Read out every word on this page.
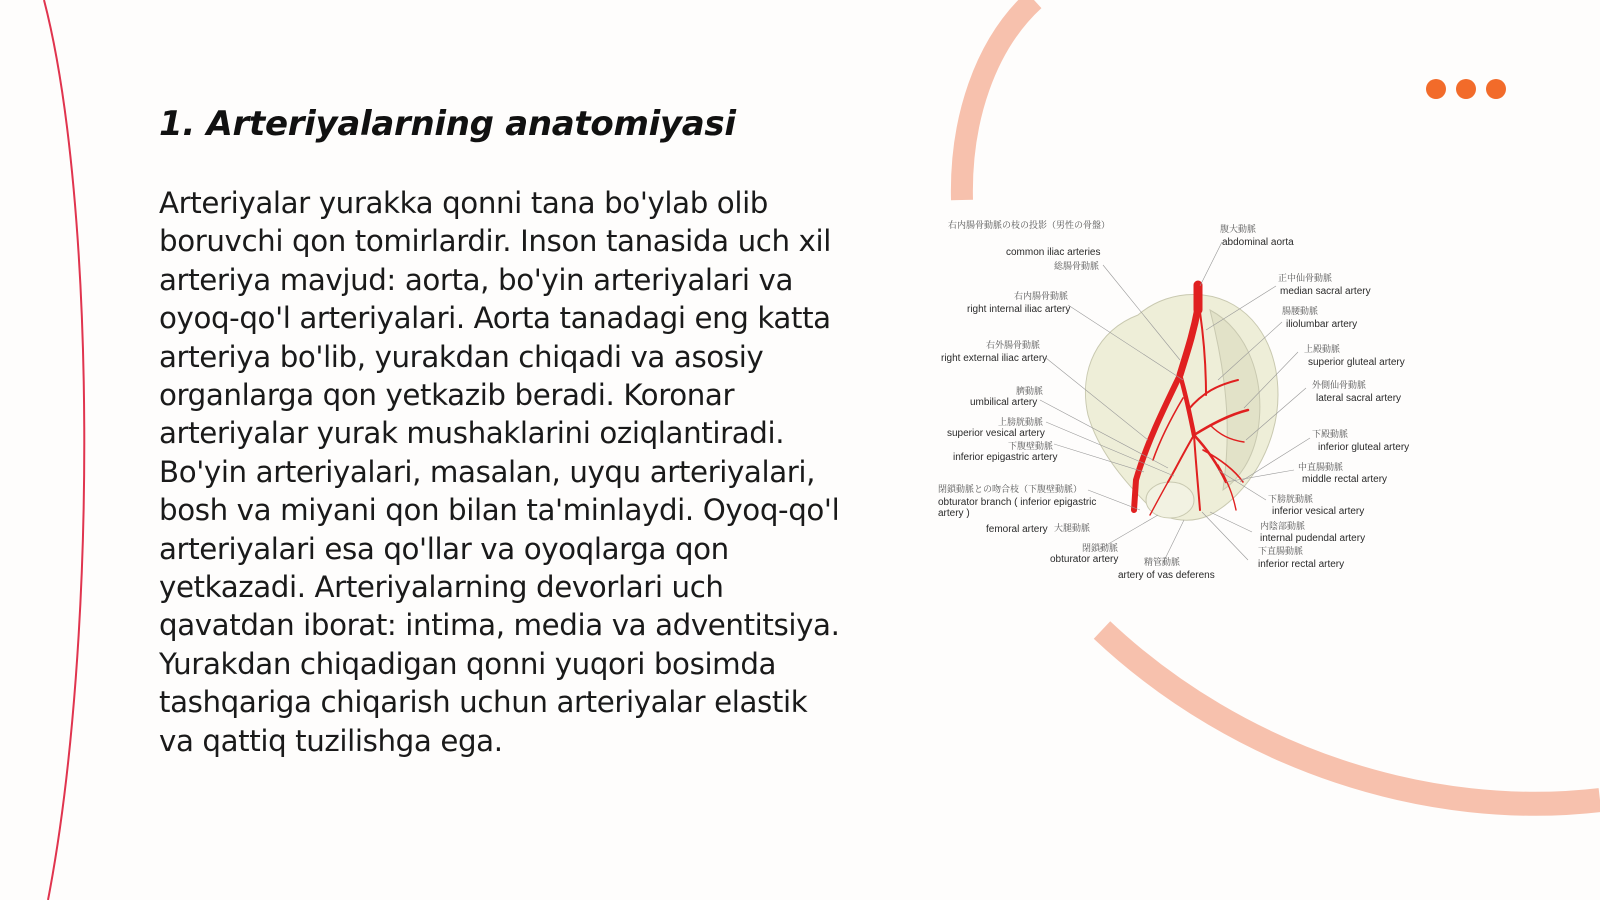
1. Arteriyalarning anatomiyasi

Arteriyalar yurakka qonni tana bo'ylab olib boruvchi qon tomirlardir. Inson tanasida uch xil arteriya mavjud: aorta, bo'yin arteriyalari va oyoq-qo'l arteriyalari. Aorta tanadagi eng katta arteriya bo'lib, yurakdan chiqadi va asosiy organlarga qon yetkazib beradi. Koronar arteriyalar yurak mushaklarini oziqlantiradi. Bo'yin arteriyalari, masalan, uyqu arteriyalari, bosh va miyani qon bilan ta'minlaydi. Oyoq-qo'l arteriyalari esa qo'llar va oyoqlarga qon yetkazadi. Arteriyalarning devorlari uch qavatdan iborat: intima, media va adventitsiya. Yurakdan chiqadigan qonni yuqori bosimda tashqariga chiqarish uchun arteriyalar elastik va qattiq tuzilishga ega.

右内腸骨動脈の枝の投影（男性の骨盤）
common iliac arteries
総腸骨動脈
右内腸骨動脈
right internal iliac artery
右外腸骨動脈
right external iliac artery
臍動脈
umbilical artery
上膀胱動脈
superior vesical artery
下腹壁動脈
inferior epigastric artery
閉鎖動脈との吻合枝（下腹壁動脈）
obturator branch ( inferior epigastric artery )
femoral artery 大腿動脈
閉鎖動脈
obturator artery	精管動脈
artery of vas deferens
腹大動脈
abdominal aorta
正中仙骨動脈
median sacral artery
腸腰動脈
iliolumbar artery
上殿動脈
superior gluteal artery
外側仙骨動脈
lateral sacral artery
下殿動脈
inferior gluteal artery
中直腸動脈
middle rectal artery
下膀胱動脈
inferior vesical artery
内陰部動脈
internal pudendal artery
下直腸動脈
inferior rectal artery
